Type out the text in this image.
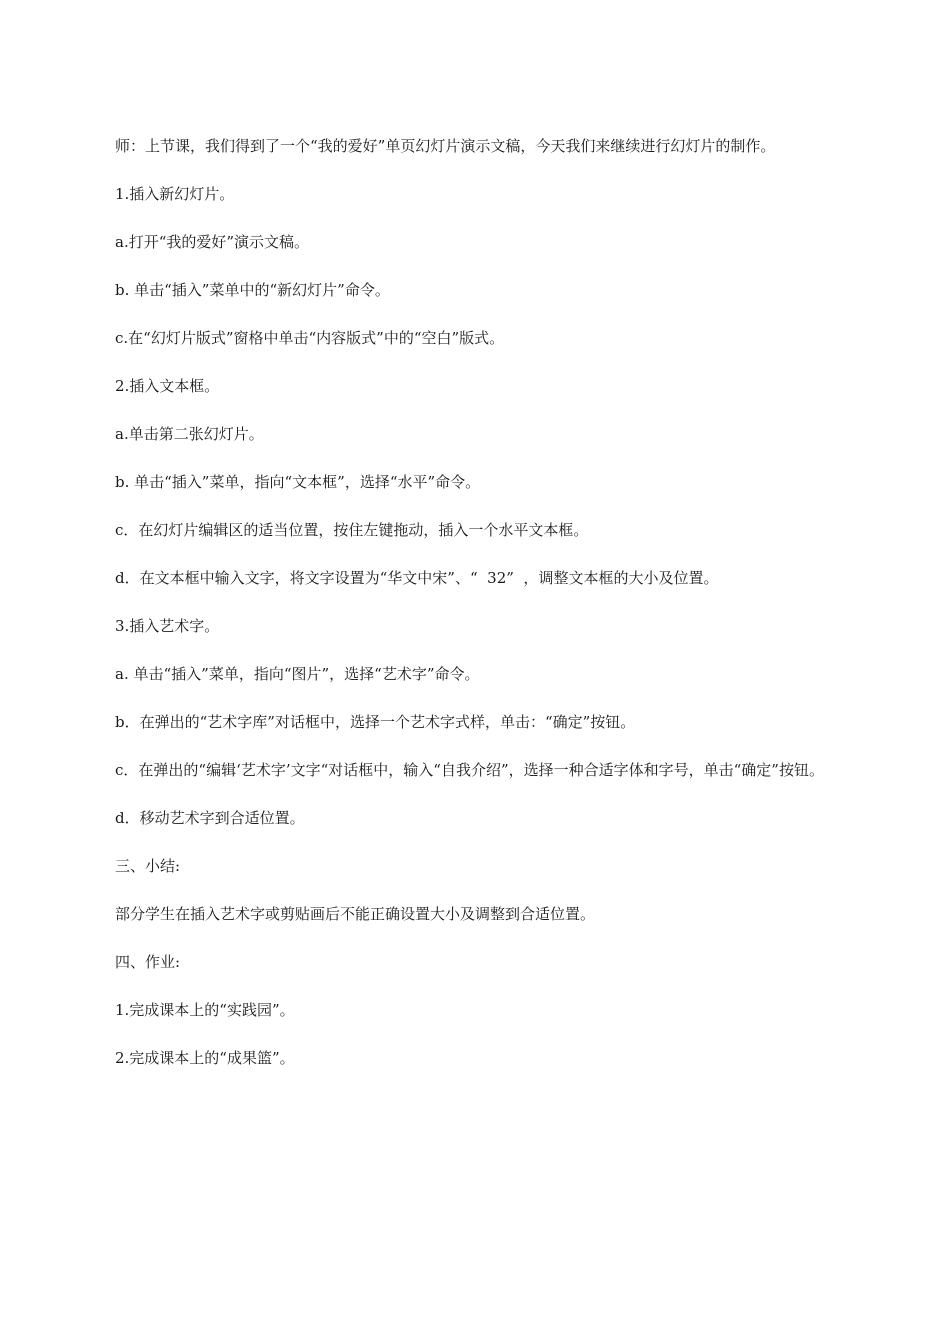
师：上节课，我们得到了一个“我的爱好”单页幻灯片演示文稿，今天我们来继续进行幻灯片的制作。

1.插入新幻灯片。

a.打开“我的爱好”演示文稿。

b. 单击“插入”菜单中的“新幻灯片”命令。

c.在“幻灯片版式”窗格中单击“内容版式”中的“空白”版式。

2.插入文本框。

a.单击第二张幻灯片。

b. 单击“插入”菜单，指向“文本框”，选择“水平”命令。

c．在幻灯片编辑区的适当位置，按住左键拖动，插入一个水平文本框。

d．在文本框中输入文字，将文字设置为“华文中宋”、“  32”  ，调整文本框的大小及位置。

3.插入艺术字。

a. 单击“插入”菜单，指向“图片”，选择“艺术字”命令。

b．在弹出的“艺术字库”对话框中，选择一个艺术字式样，单击：“确定”按钮。

c．在弹出的“编辑‘艺术字’文字“对话框中，输入“自我介绍”，选择一种合适字体和字号，单击“确定”按钮。

d．移动艺术字到合适位置。

三、小结:

部分学生在插入艺术字或剪贴画后不能正确设置大小及调整到合适位置。

四、作业:

1.完成课本上的“实践园”。

2.完成课本上的“成果篮”。
